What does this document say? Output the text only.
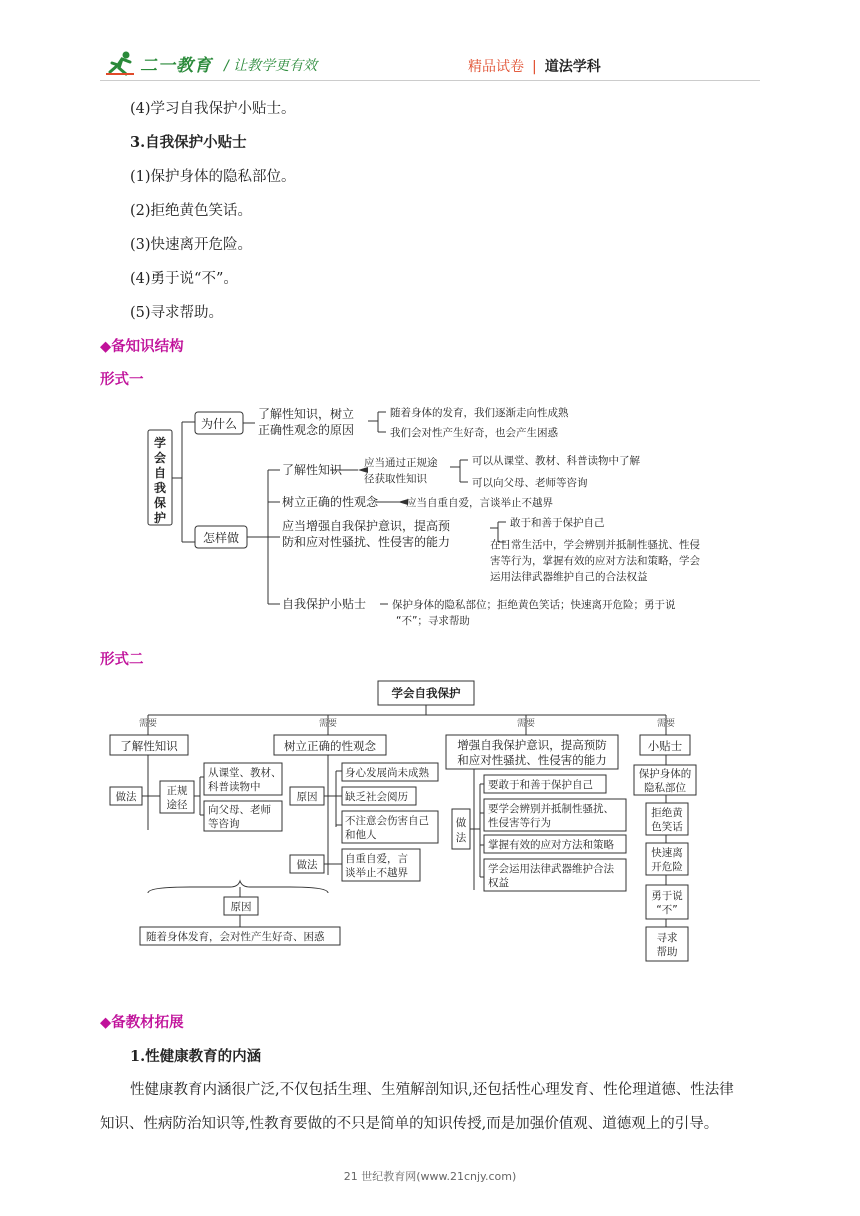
二一教育 / 让教学更有效	精品试卷 | 道法学科
(4)学习自我保护小贴士。
3.自我保护小贴士
(1)保护身体的隐私部位。
(2)拒绝黄色笑话。
(3)快速离开危险。
(4)勇于说“不”。
(5)寻求帮助。
◆备知识结构
形式一
学
会
自
我
保
护
为什么
怎样做
了解性知识，树立
正确性观念的原因
了解性知识
树立正确的性观念
应当增强自我保护意识，提高预
防和应对性骚扰、性侵害的能力
自我保护小贴士
随着身体的发育，我们逐渐走向性成熟
我们会对性产生好奇，也会产生困惑
应当通过正规途
径获取性知识
可以从课堂、教材、科普读物中了解
可以向父母、老师等咨询
应当自重自爱，言谈举止不越界
敢于和善于保护自己
在日常生活中，学会辨别并抵制性骚扰、性侵
害等行为，掌握有效的应对方法和策略，学会
运用法律武器维护自己的合法权益
保护身体的隐私部位；拒绝黄色笑话；快速离开危险；勇于说
“不”；寻求帮助
形式二
学会自我保护
了解性知识	树立正确的性观念	增强自我保护意识，提高预防
和应对性骚扰、性侵害的能力
小贴士
需要	需要	需要	需要
做法	正规
途径
从课堂、教材、
科普读物中
向父母、老师
等咨询
原因
身心发展尚未成熟
缺乏社会阅历
不注意会伤害自己
和他人
做法	自重自爱，言
谈举止不越界
做
法
要敢于和善于保护自己
要学会辨别并抵制性骚扰、
性侵害等行为
掌握有效的应对方法和策略
学会运用法律武器维护合法
权益
保护身体的
隐私部位
拒绝黄
色笑话
快速离
开危险
勇于说
“不”
寻求
帮助
原因
随着身体发育，会对性产生好奇、困惑
◆备教材拓展
1.性健康教育的内涵
性健康教育内涵很广泛,不仅包括生理、生殖解剖知识,还包括性心理发育、性伦理道德、性法律
知识、性病防治知识等,性教育要做的不只是简单的知识传授,而是加强价值观、道德观上的引导。
21 世纪教育网(www.21cnjy.com)
